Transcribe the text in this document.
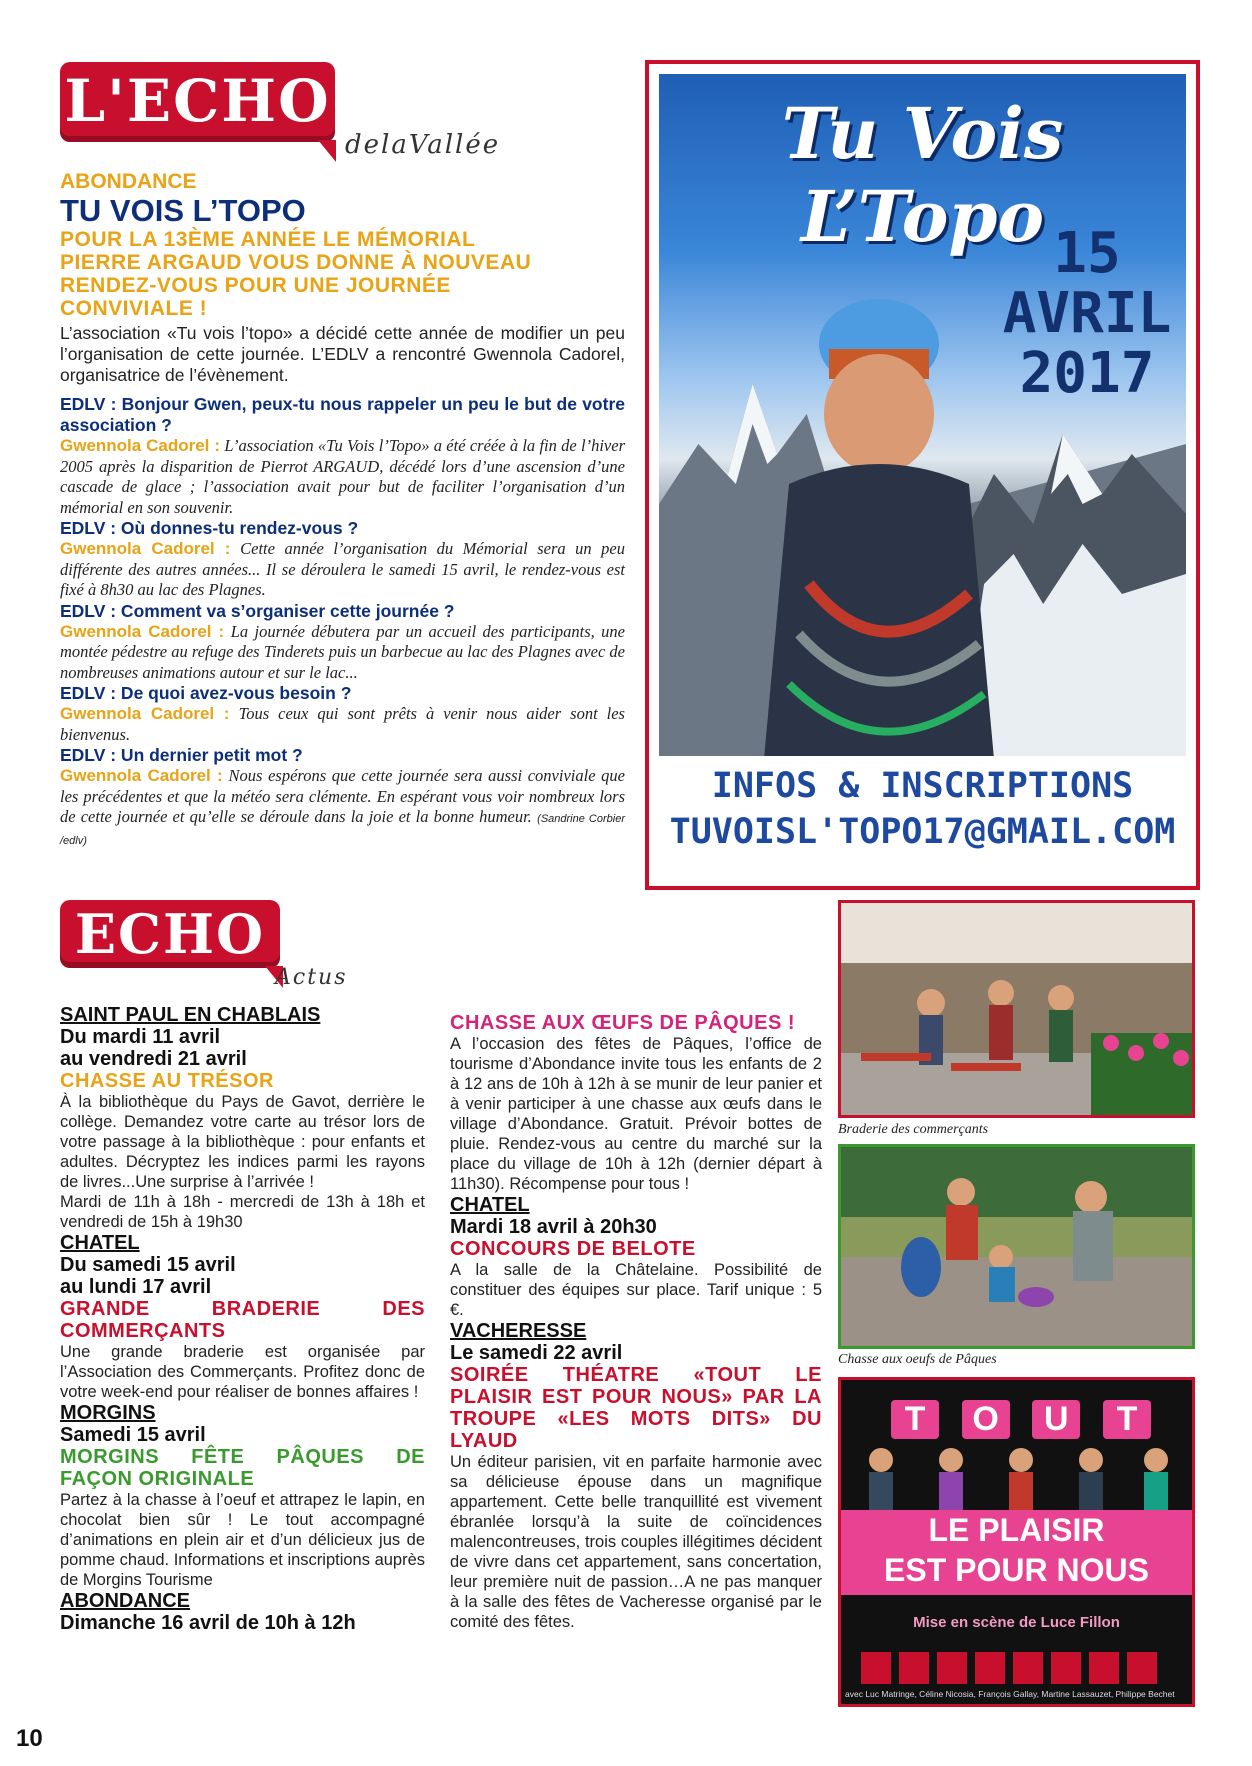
L'ECHO
delaVallée
ABONDANCE
TU VOIS L’TOPO
POUR LA 13ÈME ANNÉE LE MÉMORIAL
PIERRE ARGAUD VOUS DONNE À NOUVEAU
RENDEZ-VOUS POUR UNE JOURNÉE
CONVIVIALE !
L’association «Tu vois l’topo» a décidé cette année de modifier un peu l’organisation de cette journée. L’EDLV a rencontré Gwennola Cadorel, organisatrice de l’évènement.
EDLV : Bonjour Gwen, peux-tu nous rappeler un peu le but de votre association ?
Gwennola Cadorel : L’association «Tu Vois l’Topo» a été créée à la fin de l’hiver 2005 après la disparition de Pierrot ARGAUD, décédé lors d’une ascension d’une cascade de glace ; l’association avait pour but de faciliter l’organisation d’un mémorial en son souvenir.
EDLV : Où donnes-tu rendez-vous ?
Gwennola Cadorel : Cette année l’organisation du Mémorial sera un peu différente des autres années... Il se déroulera le samedi 15 avril, le rendez-vous est fixé à 8h30 au lac des Plagnes.
EDLV : Comment va s’organiser cette journée ?
Gwennola Cadorel : La journée débutera par un accueil des participants, une montée pédestre au refuge des Tinderets puis un barbecue au lac des Plagnes avec de nombreuses animations autour et sur le lac...
EDLV : De quoi avez-vous besoin ?
Gwennola Cadorel : Tous ceux qui sont prêts à venir nous aider sont les bienvenus.
EDLV : Un dernier petit mot ?
Gwennola Cadorel : Nous espérons que cette journée sera aussi conviviale que les précédentes et que la météo sera clémente. En espérant vous voir nombreux lors de cette journée et qu’elle se déroule dans la joie et la bonne humeur. (Sandrine Corbier /edlv)
Tu Vois L’Topo 15
AVRIL
2017
INFOS & INSCRIPTIONS
TUVOISL'TOPO17@GMAIL.COM
ECHO
Actus
SAINT PAUL EN CHABLAIS
Du mardi 11 avril
au vendredi 21 avril
CHASSE AU TRÉSOR

À la bibliothèque du Pays de Gavot, derrière le collège. Demandez votre carte au trésor lors de votre passage à la bibliothèque : pour enfants et adultes. Décryptez les indices parmi les rayons de livres...Une surprise à l’arrivée !

Mardi de 11h à 18h - mercredi de 13h à 18h et vendredi de 15h à 19h30

CHATEL
Du samedi 15 avril
au lundi 17 avril
GRANDE BRADERIE DES COMMERÇANTS

Une grande braderie est organisée par l’Association des Commerçants. Profitez donc de votre week-end pour réaliser de bonnes affaires !

MORGINS
Samedi 15 avril
MORGINS FÊTE PÂQUES DE FAÇON ORIGINALE

Partez à la chasse à l’oeuf et attrapez le lapin, en chocolat bien sûr ! Le tout accompagné d’animations en plein air et d’un délicieux jus de pomme chaud. Informations et inscriptions auprès de Morgins Tourisme

ABONDANCE
Dimanche 16 avril de 10h à 12h
CHASSE AUX ŒUFS DE PÂQUES !

A l’occasion des fêtes de Pâques, l’office de tourisme d’Abondance invite tous les enfants de 2 à 12 ans de 10h à 12h à se munir de leur panier et à venir participer à une chasse aux œufs dans le village d’Abondance. Gratuit. Prévoir bottes de pluie. Rendez-vous au centre du marché sur la place du village de 10h à 12h (dernier départ à 11h30). Récompense pour tous !

CHATEL
Mardi 18 avril à 20h30
CONCOURS DE BELOTE

A la salle de la Châtelaine. Possibilité de constituer des équipes sur place. Tarif unique : 5 €.

VACHERESSE
Le samedi 22 avril
SOIRÉE THÉATRE «TOUT LE PLAISIR EST POUR NOUS» PAR LA TROUPE «LES MOTS DITS» DU LYAUD

Un éditeur parisien, vit en parfaite harmonie avec sa délicieuse épouse dans un magnifique appartement. Cette belle tranquillité est vivement ébranlée lorsqu’à la suite de coïncidences malencontreuses, trois couples illégitimes décident de vivre dans cet appartement, sans concertation, leur première nuit de passion…A ne pas manquer à la salle des fêtes de Vacheresse organisé par le comité des fêtes.

Braderie des commerçants
Chasse aux oeufs de Pâques
T	O	U	T
LE PLAISIR
EST POUR NOUS
Mise en scène de Luce Fillon
avec Luc Matringe, Céline Nicosia, François Gallay, Martine Lassauzet, Philippe Bechet
10
